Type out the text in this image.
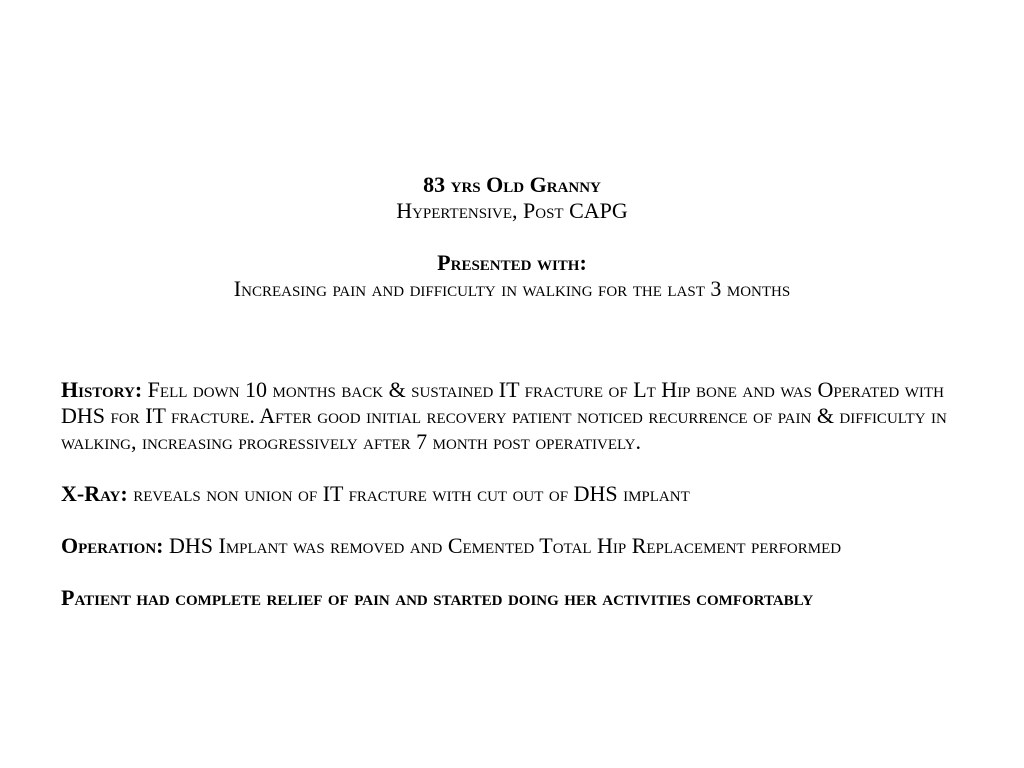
83 yrs Old Granny
Hypertensive, Post CAPG
Presented with:
Increasing pain and difficulty in walking for the last 3 months

History: Fell down 10 months back & sustained IT fracture of Lt Hip bone and was Operated with DHS for IT fracture. After good initial recovery patient noticed recurrence of pain & difficulty in walking, increasing progressively after 7 month post operatively.

X-Ray: reveals non union of IT fracture with cut out of DHS implant

Operation: DHS Implant was removed and Cemented Total Hip Replacement performed

Patient had complete relief of pain and started doing her activities comfortably
